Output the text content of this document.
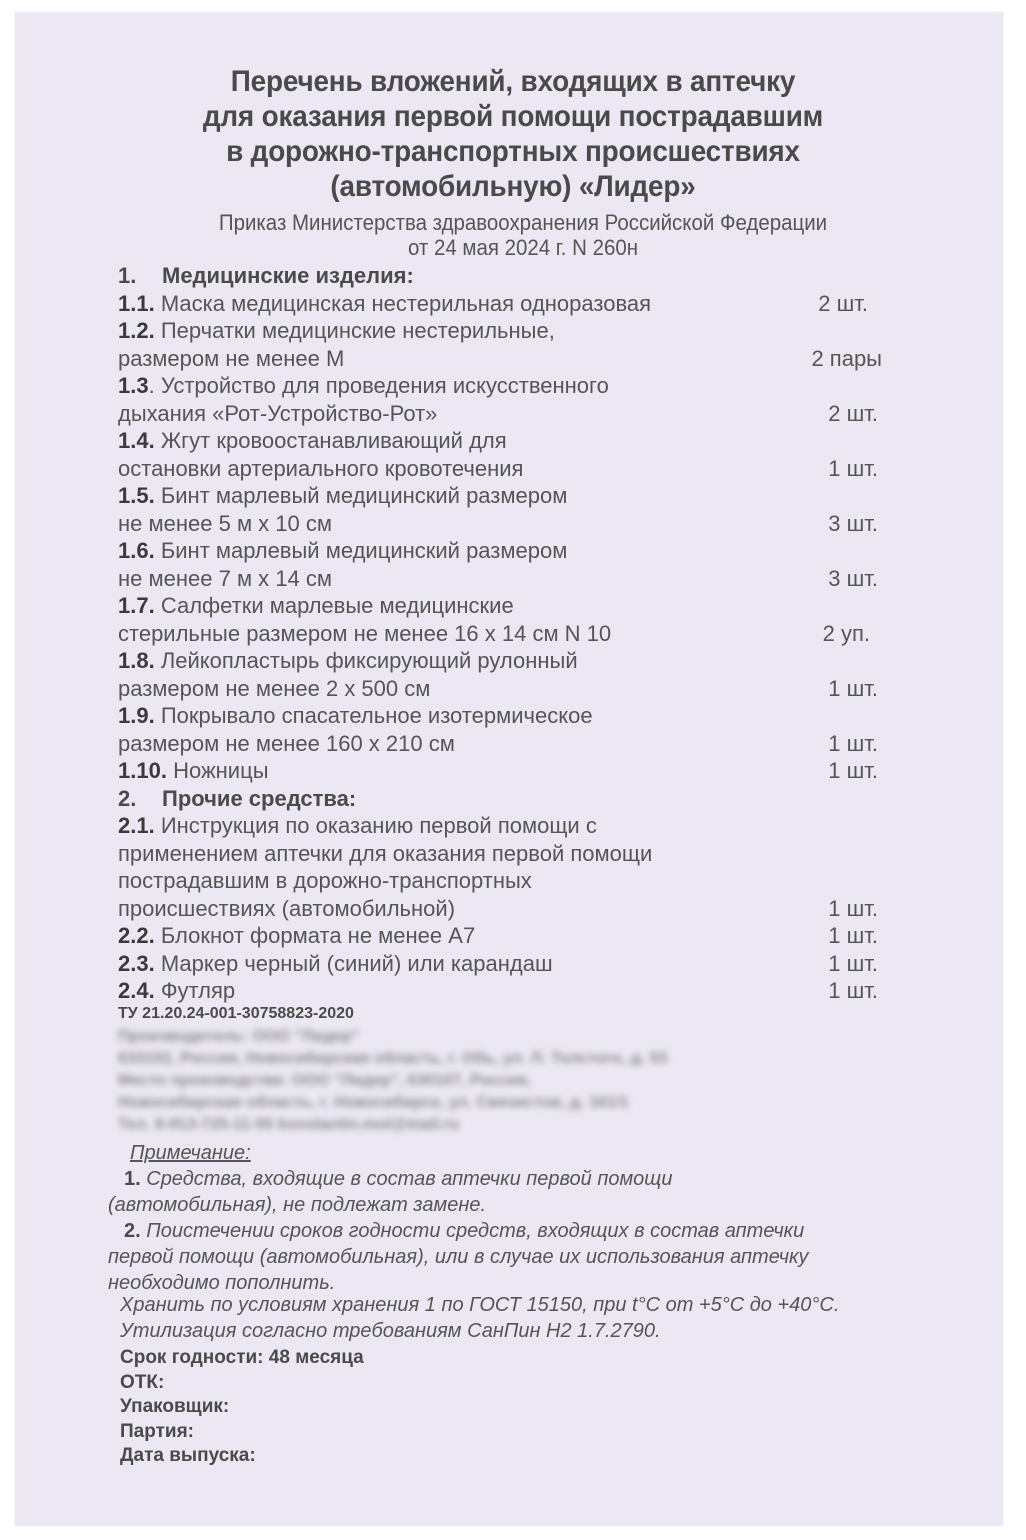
Перечень вложений, входящих в аптечку
для оказания первой помощи пострадавшим
в дорожно-транспортных происшествиях
(автомобильную) «Лидер»
Приказ Министерства здравоохранения Российской Федерации
от 24 мая 2024 г. N 260н
1. Медицинские изделия:
1.1. Маска медицинская нестерильная одноразовая	2 шт.
1.2. Перчатки медицинские нестерильные,
размером не менее М	2 пары
1.3. Устройство для проведения искусственного
дыхания «Рот-Устройство-Рот»	2 шт.
1.4. Жгут кровоостанавливающий для
остановки артериального кровотечения	1 шт.
1.5. Бинт марлевый медицинский размером
не менее 5 м х 10 см	3 шт.
1.6. Бинт марлевый медицинский размером
не менее 7 м х 14 см	3 шт.
1.7. Салфетки марлевые медицинские
стерильные размером не менее 16 х 14 см N 10	2 уп.
1.8. Лейкопластырь фиксирующий рулонный
размером не менее 2 х 500 см	1 шт.
1.9. Покрывало спасательное изотермическое
размером не менее 160 х 210 см	1 шт.
1.10. Ножницы	1 шт.
2. Прочие средства:
2.1. Инструкция по оказанию первой помощи с
применением аптечки для оказания первой помощи
пострадавшим в дорожно-транспортных
происшествиях (автомобильной)	1 шт.
2.2. Блокнот формата не менее А7	1 шт.
2.3. Маркер черный (синий) или карандаш	1 шт.
2.4. Футляр	1 шт.
ТУ 21.20.24-001-30758823-2020
Производитель: ООО "Лидер"
633102, Россия, Новосибирская область, г. Обь, ул. Л. Толстого, д. 53
Место производства: ООО "Лидер", 630107, Россия,
Новосибирская область, г. Новосибирск, ул. Связистов, д. 161/1
Тел. 8-913-725-11-55 konstantin.mol@mail.ru
Примечание:
1. Средства, входящие в состав аптечки первой помощи
(автомобильная), не подлежат замене.
2. Поистечении сроков годности средств, входящих в состав аптечки
первой помощи (автомобильная), или в случае их использования аптечку
необходимо пополнить.
Хранить по условиям хранения 1 по ГОСТ 15150, при t°C от +5°C до +40°C.
Утилизация согласно требованиям СанПин Н2 1.7.2790.
Срок годности: 48 месяца
ОТК:
Упаковщик:
Партия:
Дата выпуска:
